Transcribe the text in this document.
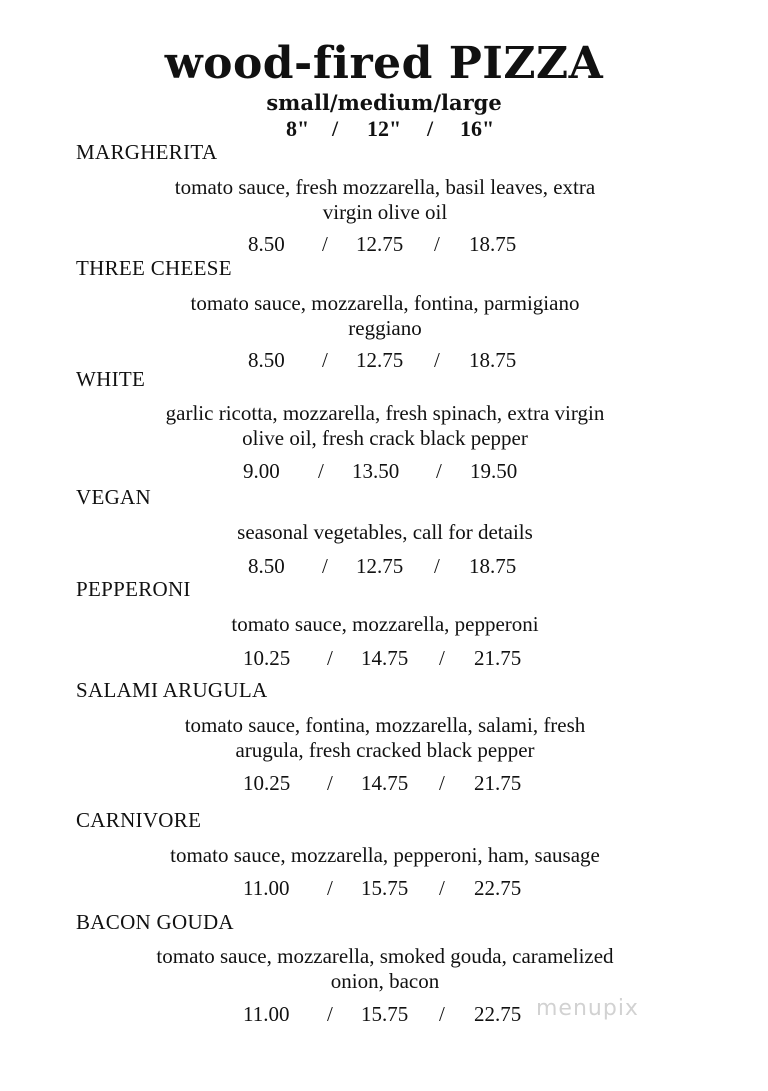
wood-fired PIZZA
small/medium/large
8" / 12" / 16"
MARGHERITA
tomato sauce, fresh mozzarella, basil leaves, extra
virgin olive oil
8.50 / 12.75 / 18.75
THREE CHEESE
tomato sauce, mozzarella, fontina, parmigiano
reggiano
8.50 / 12.75 / 18.75
WHITE
garlic ricotta, mozzarella, fresh spinach, extra virgin
olive oil, fresh crack black pepper
9.00 / 13.50 / 19.50
VEGAN
seasonal vegetables, call for details
8.50 / 12.75 / 18.75
PEPPERONI
tomato sauce, mozzarella, pepperoni
10.25 / 14.75 / 21.75
SALAMI ARUGULA
tomato sauce, fontina, mozzarella, salami, fresh
arugula, fresh cracked black pepper
10.25 / 14.75 / 21.75
CARNIVORE
tomato sauce, mozzarella, pepperoni, ham, sausage
11.00 / 15.75 / 22.75
BACON GOUDA
tomato sauce, mozzarella, smoked gouda, caramelized
onion, bacon
11.00 / 15.75 / 22.75 menupix
